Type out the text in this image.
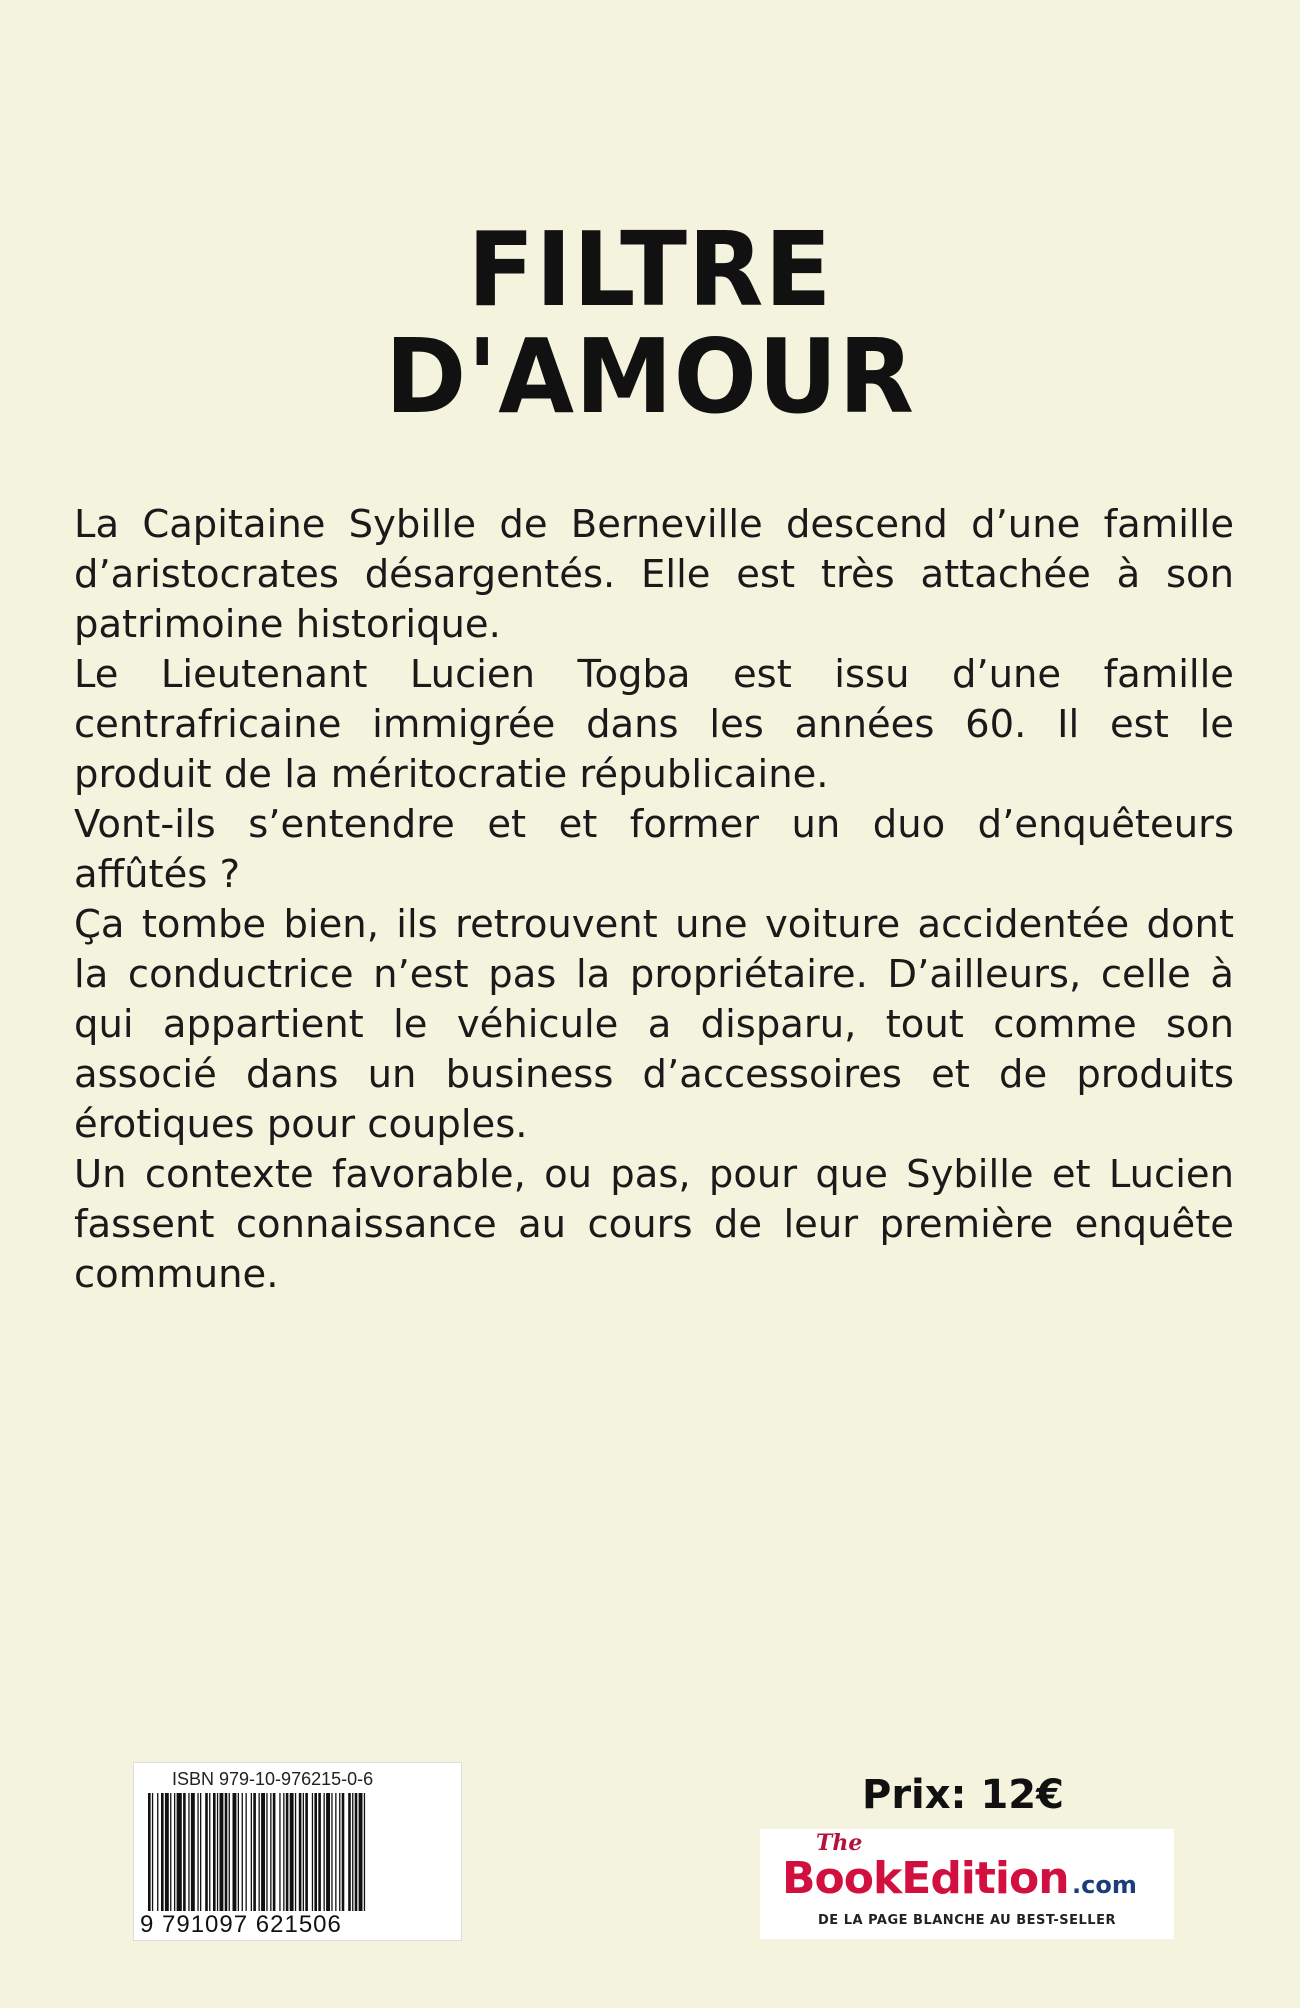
FILTRE
D'AMOUR

La Capitaine Sybille de Berneville descend d’une famille d’aristocrates désargentés. Elle est très attachée à son patrimoine historique.

Le Lieutenant Lucien Togba est issu d’une famille centrafricaine immigrée dans les années 60. Il est le produit de la méritocratie républicaine.

Vont-ils s’entendre et et former un duo d’enquêteurs affûtés ?

Ça tombe bien, ils retrouvent une voiture accidentée dont la conductrice n’est pas la propriétaire. D’ailleurs, celle à qui appartient le véhicule a disparu, tout comme son associé dans un business d’accessoires et de produits érotiques pour couples.

Un contexte favorable, ou pas, pour que Sybille et Lucien fassent connaissance au cours de leur première enquête commune.

ISBN 979-10-976215-0-6
9 791097 621506
Prix: 12€
The
BookEdition .com
DE LA PAGE BLANCHE AU BEST-SELLER
